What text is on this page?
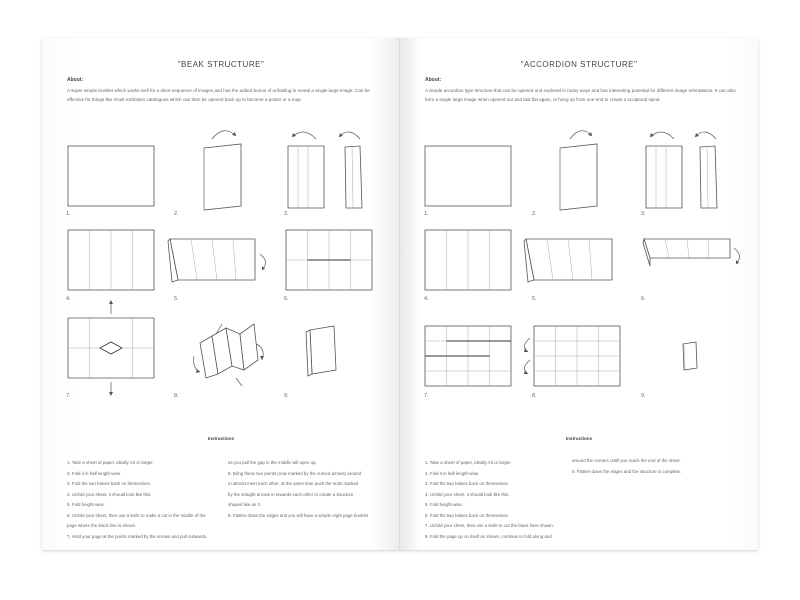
"BEAK STRUCTURE"
About:
A super simple booklet which works well for a short sequence of images and has the added bonus of unfolding to reveal a single large image. Can be effective for things like small exhibition catalogues which can then be opened back up to become a poster or a map.
1.	2.	3.
4.	5.	6.
7.	8.	9.
Instructions
1. Take a sheet of paper, ideally A3 or larger.
2. Fold it in half length-wise.
3. Fold the two halves back on themselves.
4. Unfold your sheet, it should look like this.
5. Fold height-wise.
6. Unfold your sheet, then use a knife to make a cut in the middle of the
page where the black line is shown.
7. Hold your page at the points marked by the arrows and pull outwards,
as you pull the gap in the middle will open up.
8. Bring these two points (now marked by the curved arrows) around
to almost meet each other, at the same time push the ends marked
by the straight arrows in towards each other to create a structure
shaped like an X.
9. Flatten down the edges and you will have a simple eight page booklet
"ACCORDION STRUCTURE"
About:
A simple accordion type structure that can be opened and explored in many ways and has interesting potential for different image orientations. It can also form a single large image when opened out and laid flat again, or hung up from one end to create a sculptural spiral.
1.	2.	3.
4.	5.	6.
7.	8.	9.
Instructions
1. Take a sheet of paper, ideally A3 or larger.
2. Fold it in half length-wise.
3. Fold the two halves back on themselves.
4. Unfold your sheet, it should look like this.
5. Fold height-wise.
6. Fold the two halves back on themselves.
7. Unfold your sheet, then use a knife to cut the black lines shown.
8. Fold the page up on itself as shown, continue to fold along and
around the corners untill you reach the end of the sheet.
9. Flatten down the edges and the structure is complete.
